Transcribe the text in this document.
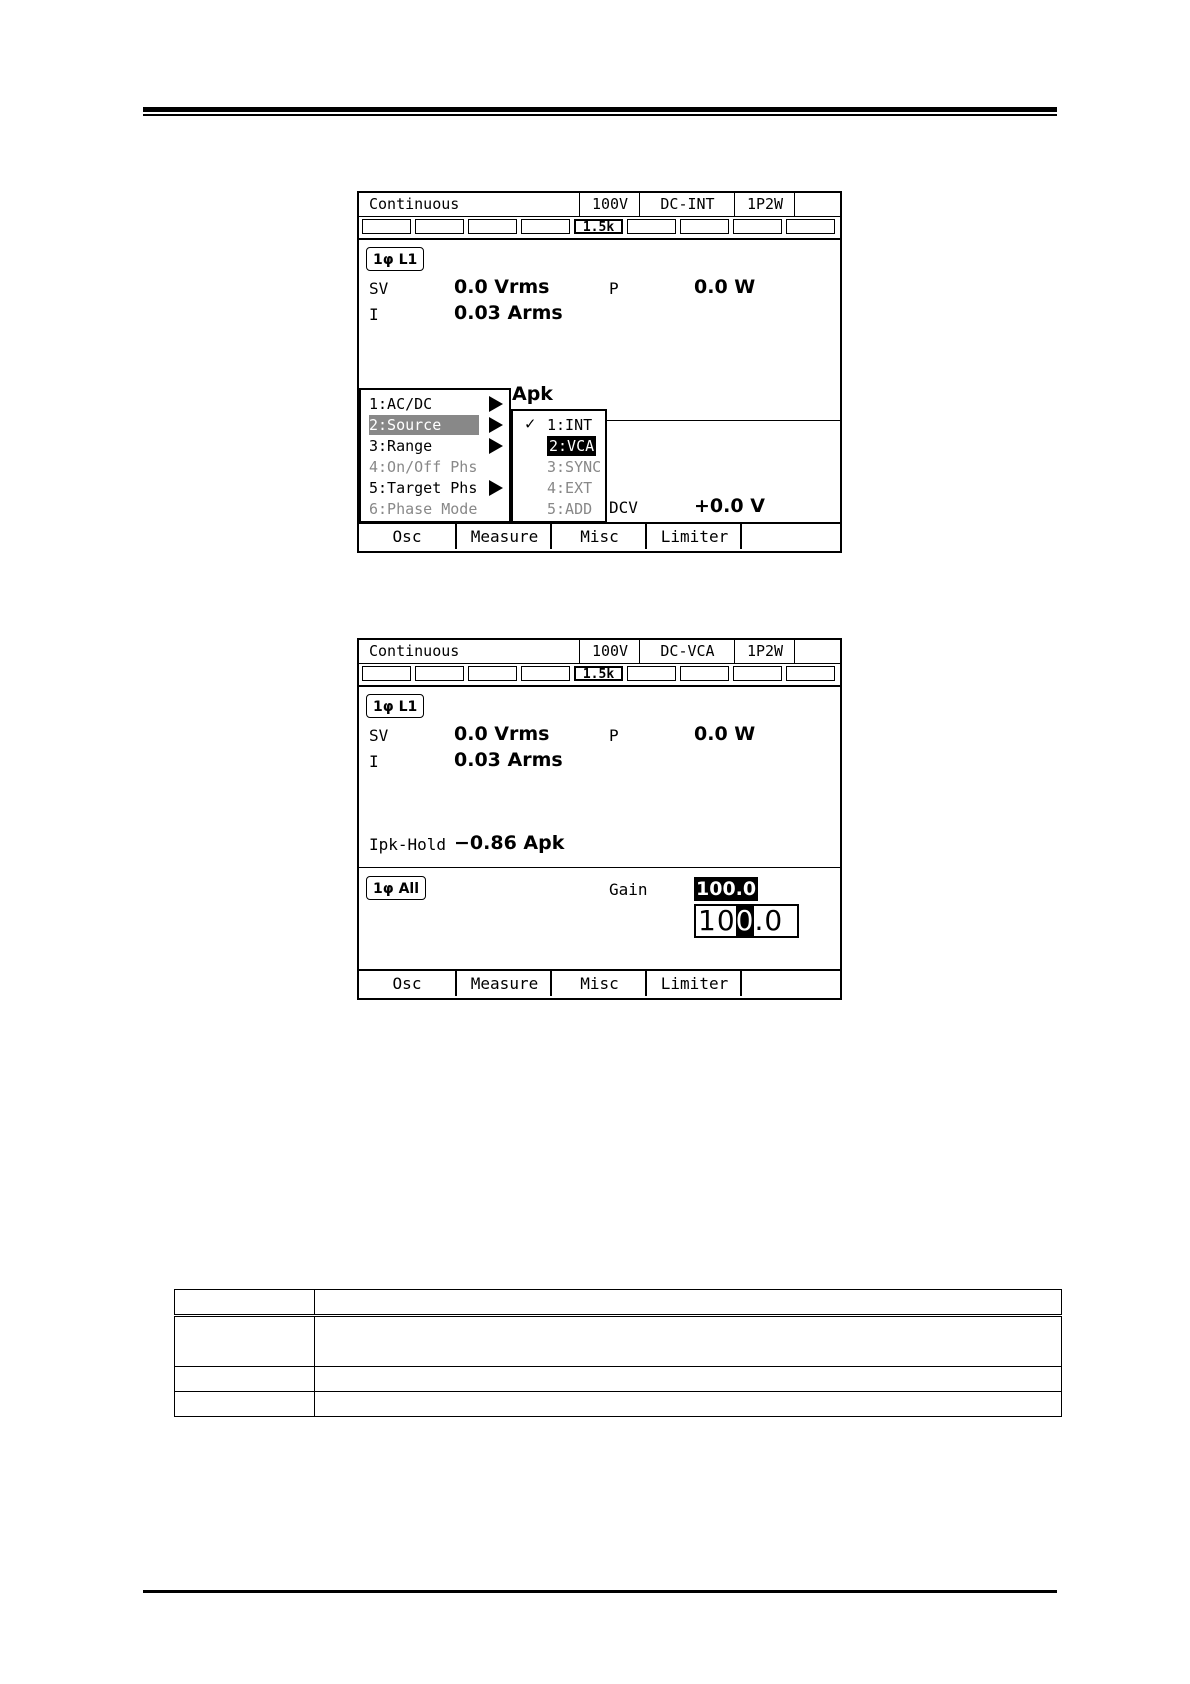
Continuous	100V	DC-INT	1P2W
1.5k
1φ L1
SV	0.0 Vrms	P	0.0 W
I	0.03 Arms
Apk
DCV	+0.0 V
1:AC/DC
2:Source
3:Range
4:On/Off Phs
5:Target Phs
6:Phase Mode
✓ 1:INT
2:VCA
3:SYNC
4:EXT
5:ADD
Osc	Measure	Misc	Limiter
Continuous	100V	DC-VCA	1P2W
1.5k
1φ L1
SV	0.0 Vrms	P	0.0 W
I	0.03 Arms
Ipk-Hold −0.86 Apk
1φ All	Gain	100.0
100.0
Osc	Measure	Misc	Limiter
